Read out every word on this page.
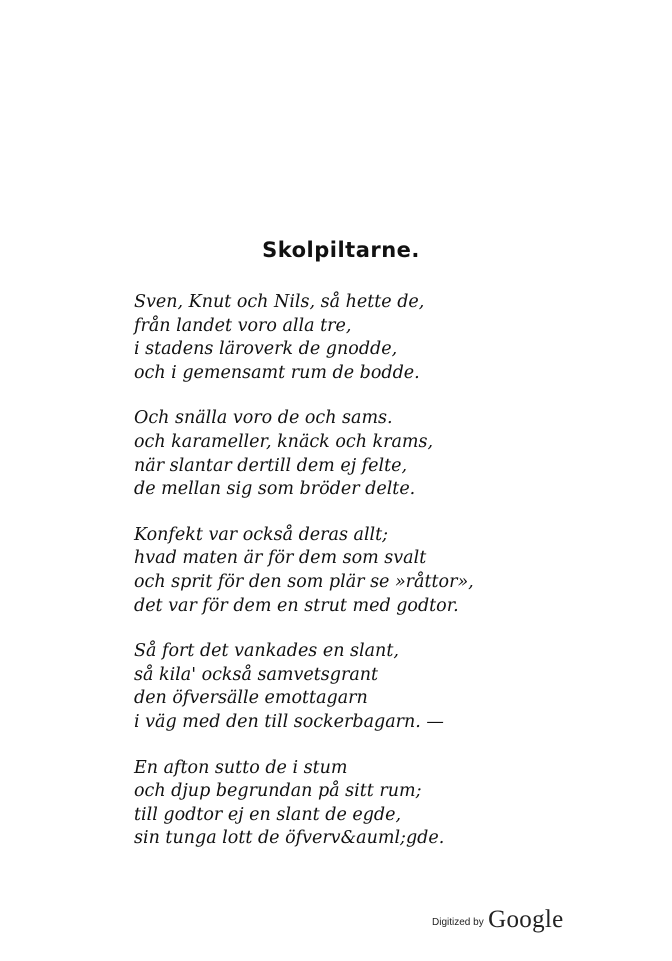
Skolpiltarne.
Sven, Knut och Nils, så hette de,
från landet voro alla tre,
i stadens läroverk de gnodde,
och i gemensamt rum de bodde.
Och snälla voro de och sams.
och karameller, knäck och krams,
när slantar dertill dem ej felte,
de mellan sig som bröder delte.
Konfekt var också deras allt;
hvad maten är för dem som svalt
och sprit för den som plär se »råttor»,
det var för dem en strut med godtor.
Så fort det vankades en slant,
så kila' också samvetsgrant
den öfversälle emottagarn
i väg med den till sockerbagarn. —
En afton sutto de i stum
och djup begrundan på sitt rum;
till godtor ej en slant de egde,
sin tunga lott de öfverv&auml;gde.
Digitized by Google
